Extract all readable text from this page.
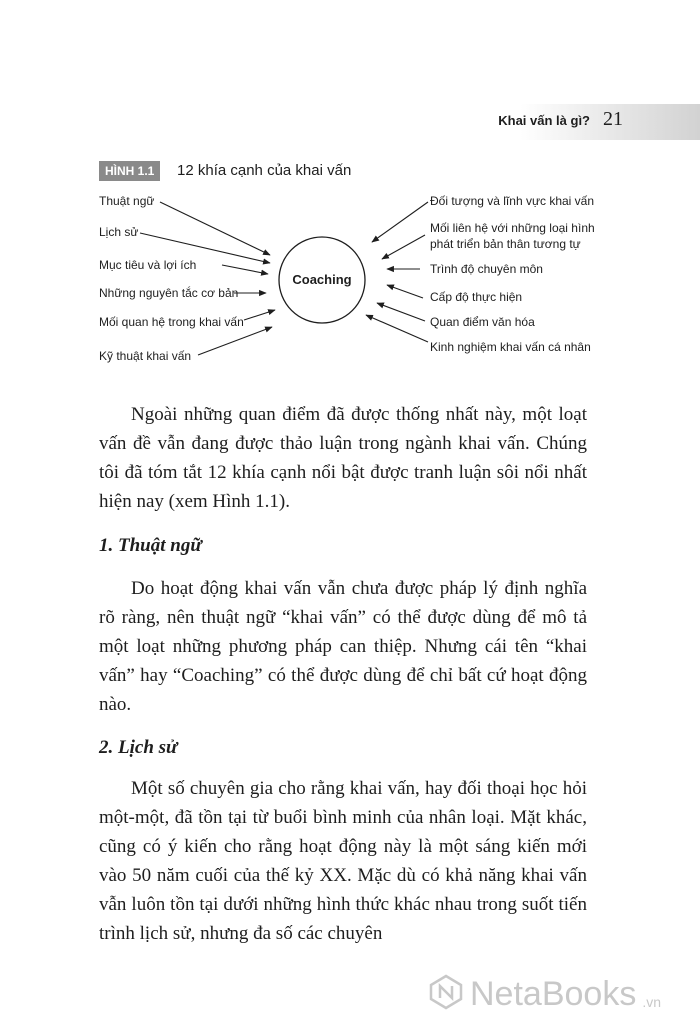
Khai vấn là gì? 21
HÌNH 1.1	12 khía cạnh của khai vấn
Coaching
Thuật ngữ
Lịch sử
Mục tiêu và lợi ích
Những nguyên tắc cơ bản
Mối quan hệ trong khai vấn
Kỹ thuật khai vấn
Đối tượng và lĩnh vực khai vấn
Mối liên hệ với những loại hình
phát triển bản thân tương tự
Trình độ chuyên môn
Cấp độ thực hiện
Quan điểm văn hóa
Kinh nghiệm khai vấn cá nhân

Ngoài những quan điểm đã được thống nhất này, một loạt vấn đề vẫn đang được thảo luận trong ngành khai vấn. Chúng tôi đã tóm tắt 12 khía cạnh nổi bật được tranh luận sôi nổi nhất hiện nay (xem Hình 1.1).

1. Thuật ngữ

Do hoạt động khai vấn vẫn chưa được pháp lý định nghĩa rõ ràng, nên thuật ngữ “khai vấn” có thể được dùng để mô tả một loạt những phương pháp can thiệp. Nhưng cái tên “khai vấn” hay “Coaching” có thể được dùng để chỉ bất cứ hoạt động nào.

2. Lịch sử

Một số chuyên gia cho rằng khai vấn, hay đối thoại học hỏi một-một, đã tồn tại từ buổi bình minh của nhân loại. Mặt khác, cũng có ý kiến cho rằng hoạt động này là một sáng kiến mới vào 50 năm cuối của thế kỷ XX. Mặc dù có khả năng khai vấn vẫn luôn tồn tại dưới những hình thức khác nhau trong suốt tiến trình lịch sử, nhưng đa số các chuyên

NetaBooks .vn
